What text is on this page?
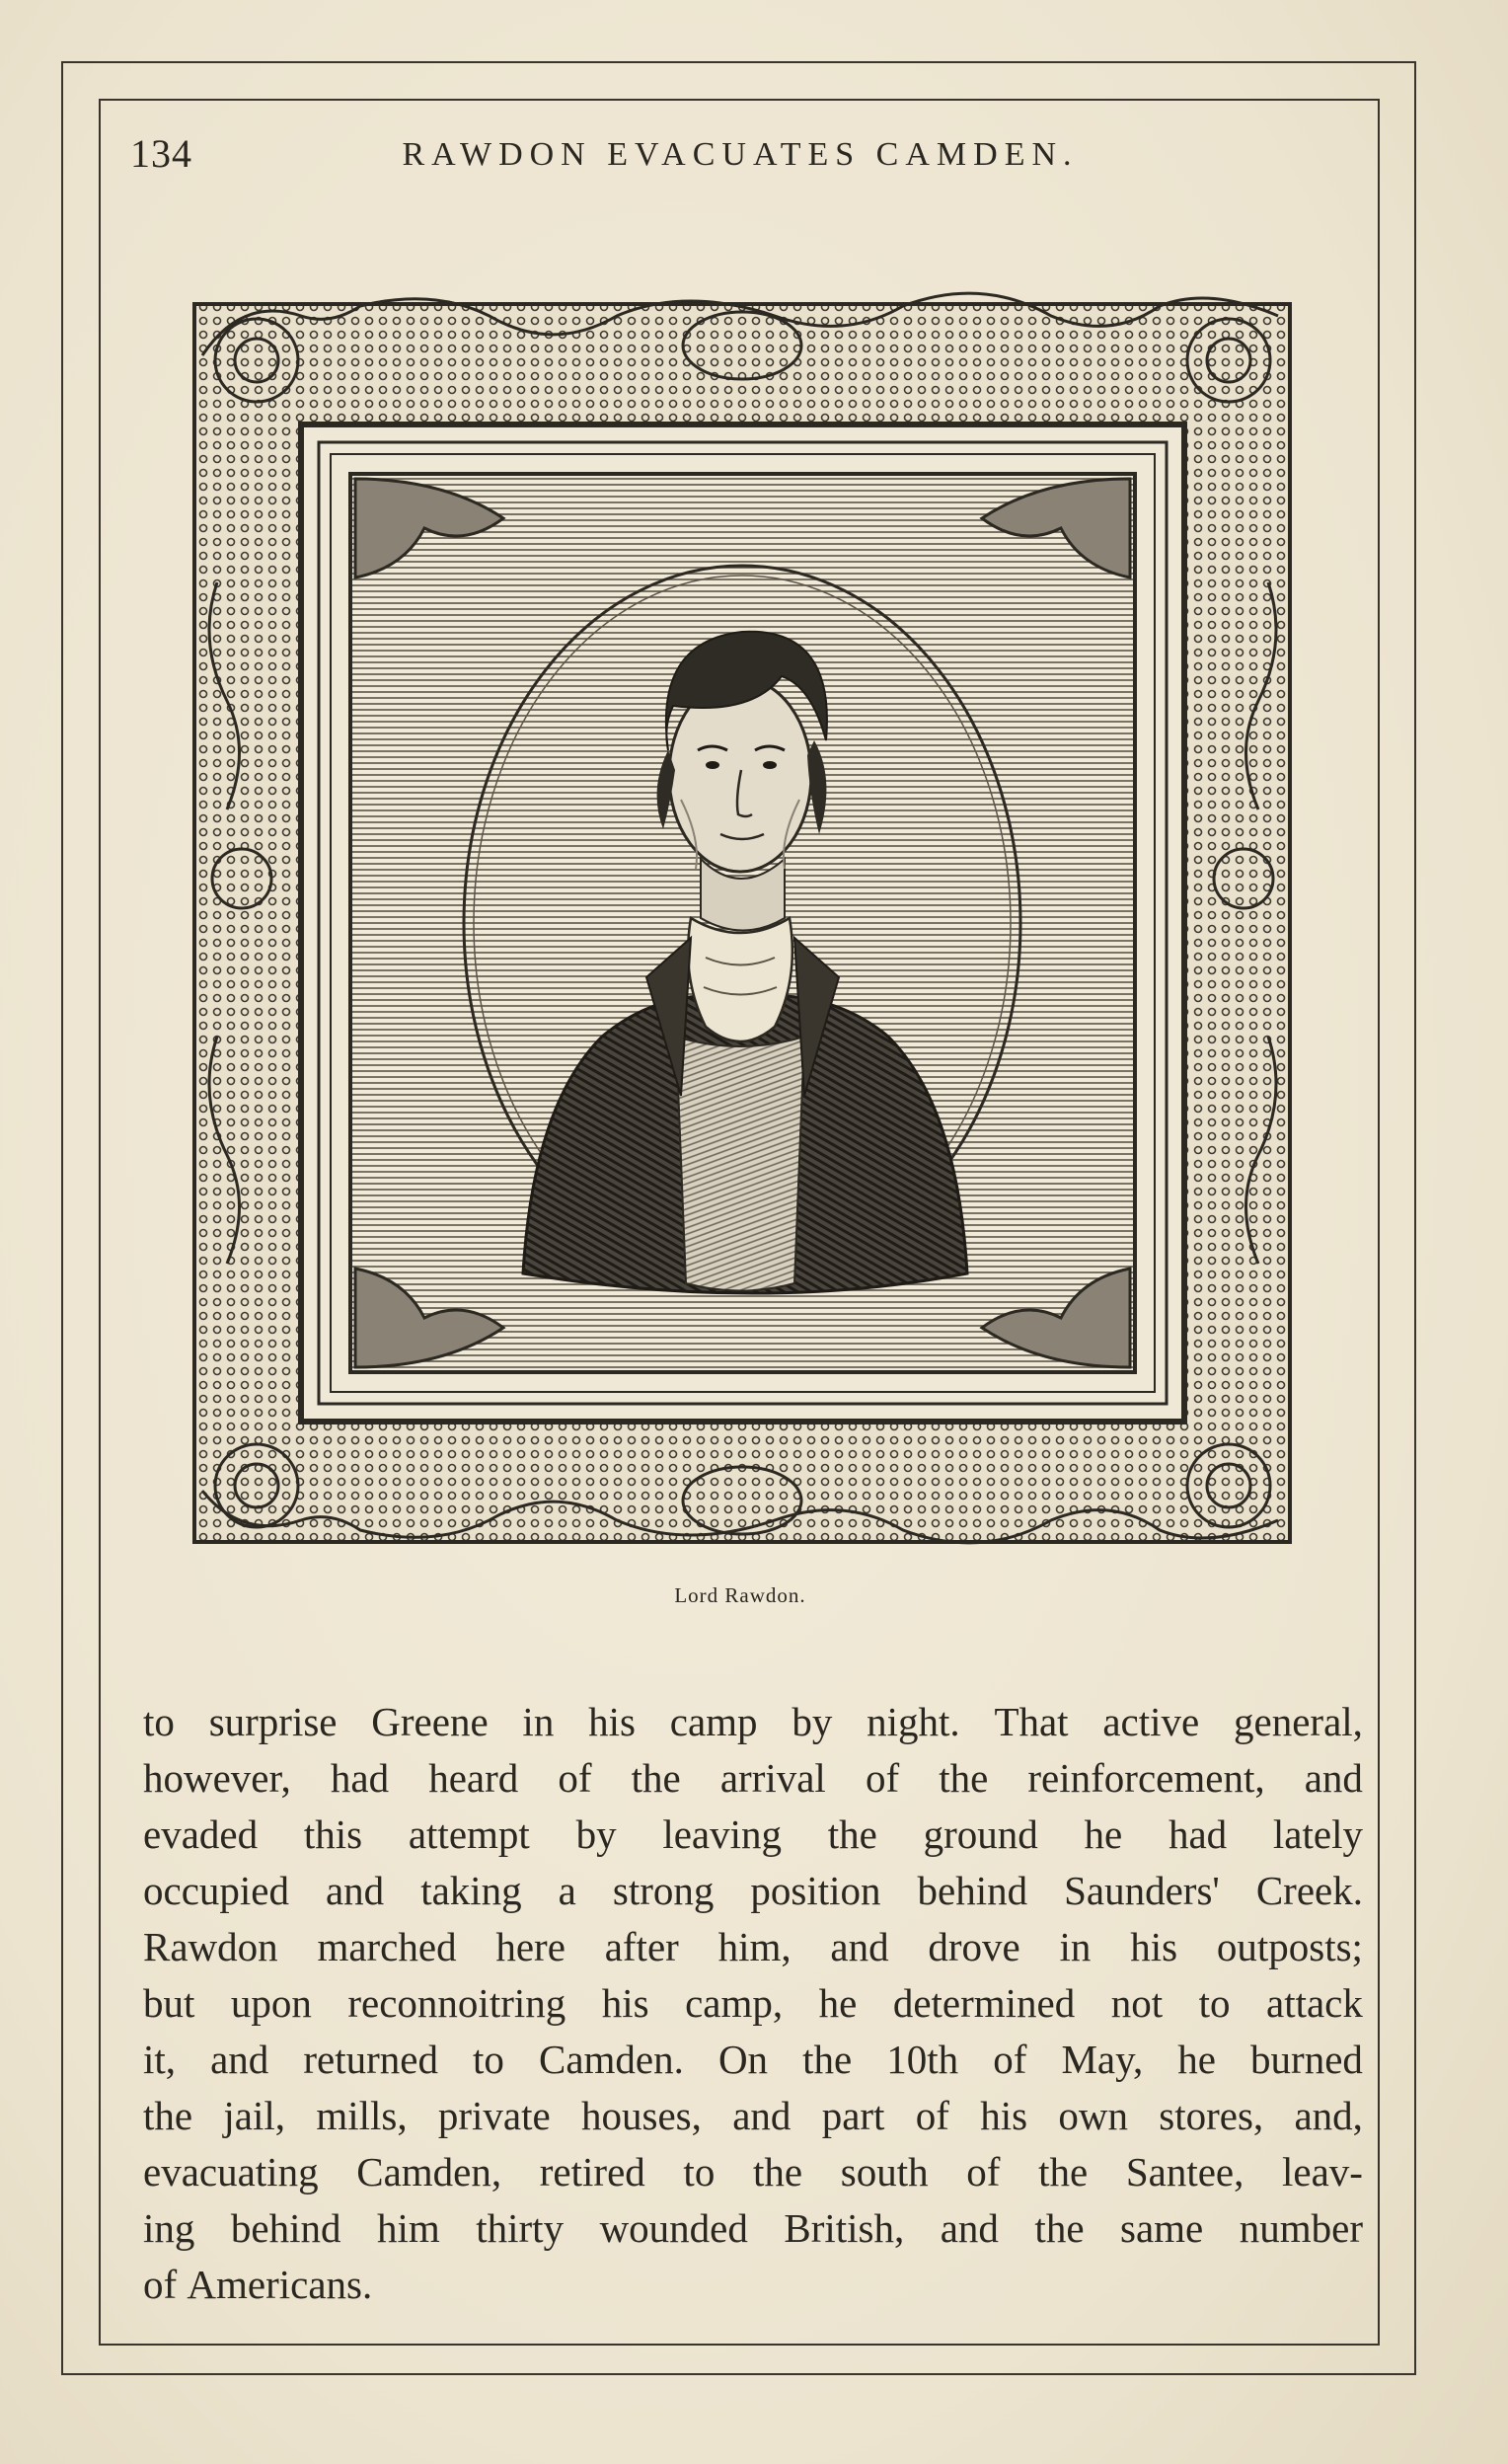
134	RAWDON EVACUATES CAMDEN.
Lord Rawdon.
to surprise Greene in his camp by night. That active general,
however, had heard of the arrival of the reinforcement, and
evaded this attempt by leaving the ground he had lately
occupied and taking a strong position behind Saunders' Creek.
Rawdon marched here after him, and drove in his outposts;
but upon reconnoitring his camp, he determined not to attack
it, and returned to Camden. On the 10th of May, he burned
the jail, mills, private houses, and part of his own stores, and,
evacuating Camden, retired to the south of the Santee, leav-
ing behind him thirty wounded British, and the same number
of Americans.
